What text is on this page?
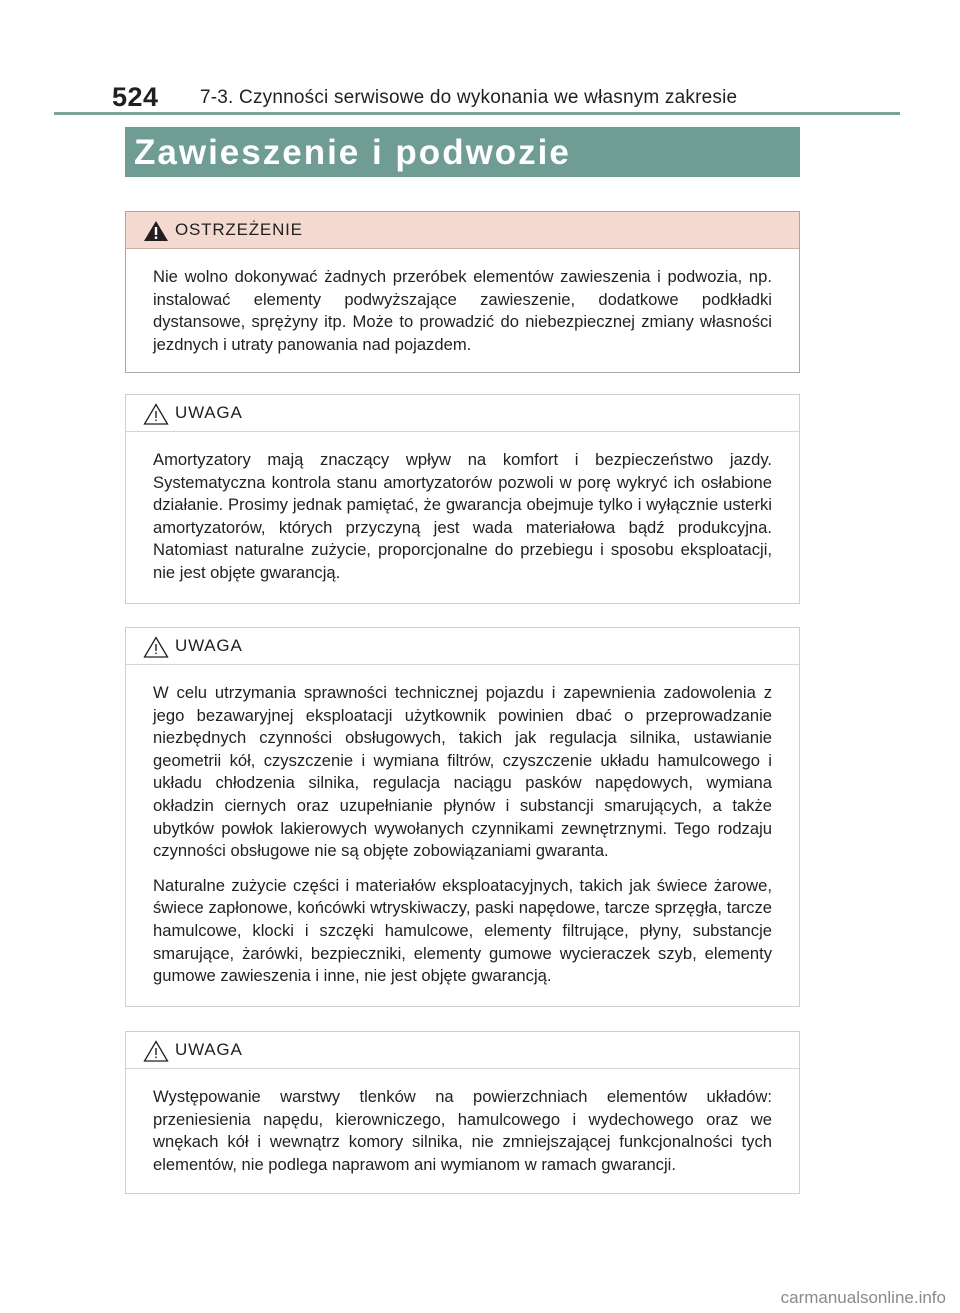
524 7-3. Czynności serwisowe do wykonania we własnym zakresie
Zawieszenie i podwozie
OSTRZEŻENIE

Nie wolno dokonywać żadnych przeróbek elementów zawieszenia i podwozia, np. instalować elementy podwyższające zawieszenie, dodatkowe podkładki dystansowe, sprężyny itp. Może to prowadzić do niebezpiecznej zmiany własności jezdnych i utraty panowania nad pojazdem.

UWAGA

Amortyzatory mają znaczący wpływ na komfort i bezpieczeństwo jazdy. Systematyczna kontrola stanu amortyzatorów pozwoli w porę wykryć ich osłabione działanie. Prosimy jednak pamiętać, że gwarancja obejmuje tylko i wyłącznie usterki amortyzatorów, których przyczyną jest wada materiałowa bądź produkcyjna. Natomiast naturalne zużycie, proporcjonalne do przebiegu i sposobu eksploatacji, nie jest objęte gwarancją.

UWAGA

W celu utrzymania sprawności technicznej pojazdu i zapewnienia zadowolenia z jego bezawaryjnej eksploatacji użytkownik powinien dbać o przeprowadzanie niezbędnych czynności obsługowych, takich jak regulacja silnika, ustawianie geometrii kół, czyszczenie i wymiana filtrów, czyszczenie układu hamulcowego i układu chłodzenia silnika, regulacja naciągu pasków napędowych, wymiana okładzin ciernych oraz uzupełnianie płynów i substancji smarujących, a także ubytków powłok lakierowych wywołanych czynnikami zewnętrznymi. Tego rodzaju czynności obsługowe nie są objęte zobowiązaniami gwaranta.

Naturalne zużycie części i materiałów eksploatacyjnych, takich jak świece żarowe, świece zapłonowe, końcówki wtryskiwaczy, paski napędowe, tarcze sprzęgła, tarcze hamulcowe, klocki i szczęki hamulcowe, elementy filtrujące, płyny, substancje smarujące, żarówki, bezpieczniki, elementy gumowe wycieraczek szyb, elementy gumowe zawieszenia i inne, nie jest objęte gwarancją.

UWAGA

Występowanie warstwy tlenków na powierzchniach elementów układów: przeniesienia napędu, kierowniczego, hamulcowego i wydechowego oraz we wnękach kół i wewnątrz komory silnika, nie zmniejszającej funkcjonalności tych elementów, nie podlega naprawom ani wymianom w ramach gwarancji.

carmanualsonline.info
